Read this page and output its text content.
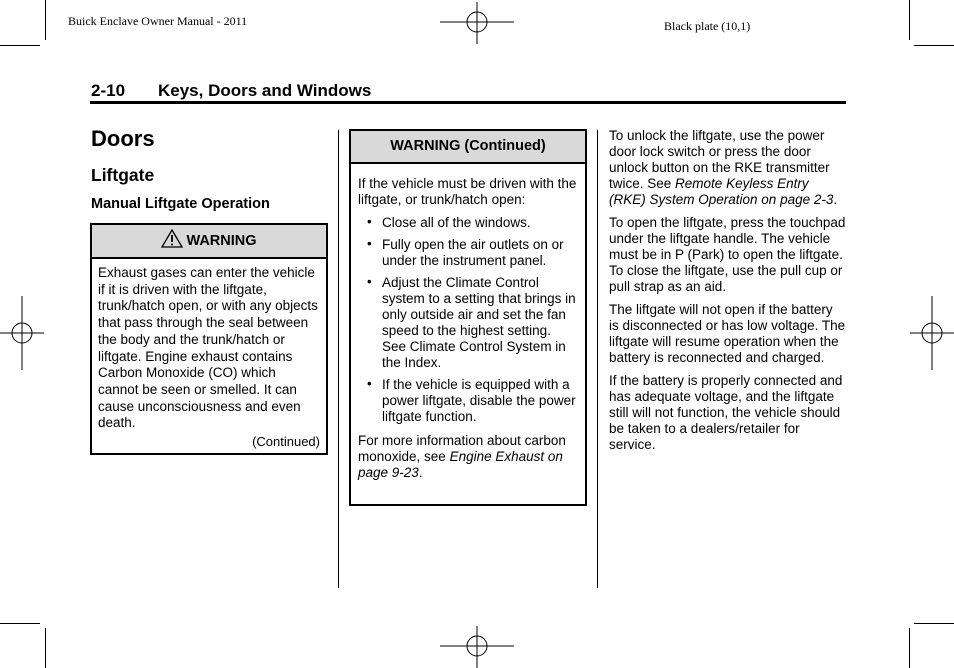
Buick Enclave Owner Manual - 2011	Black plate (10,1)
2-10 Keys, Doors and Windows
Doors
Liftgate
Manual Liftgate Operation
WARNING
Exhaust gases can enter the vehicle if it is driven with the liftgate, trunk/hatch open, or with any objects that pass through the seal between the body and the trunk/hatch or liftgate. Engine exhaust contains Carbon Monoxide (CO) which cannot be seen or smelled. It can cause unconsciousness and even death.
(Continued)
WARNING (Continued)

If the vehicle must be driven with the liftgate, or trunk/hatch open:

• Close all of the windows.
• Fully open the air outlets on or under the instrument panel.
• Adjust the Climate Control system to a setting that brings in only outside air and set the fan speed to the highest setting. See Climate Control System in the Index.
• If the vehicle is equipped with a power liftgate, disable the power liftgate function.

For more information about carbon monoxide, see Engine Exhaust on page 9-23.

To unlock the liftgate, use the power door lock switch or press the door unlock button on the RKE transmitter twice. See Remote Keyless Entry (RKE) System Operation on page 2-3.

To open the liftgate, press the touchpad under the liftgate handle. The vehicle must be in P (Park) to open the liftgate. To close the liftgate, use the pull cup or pull strap as an aid.

The liftgate will not open if the battery is disconnected or has low voltage. The liftgate will resume operation when the battery is reconnected and charged.

If the battery is properly connected and has adequate voltage, and the liftgate still will not function, the vehicle should be taken to a dealers/retailer for service.
